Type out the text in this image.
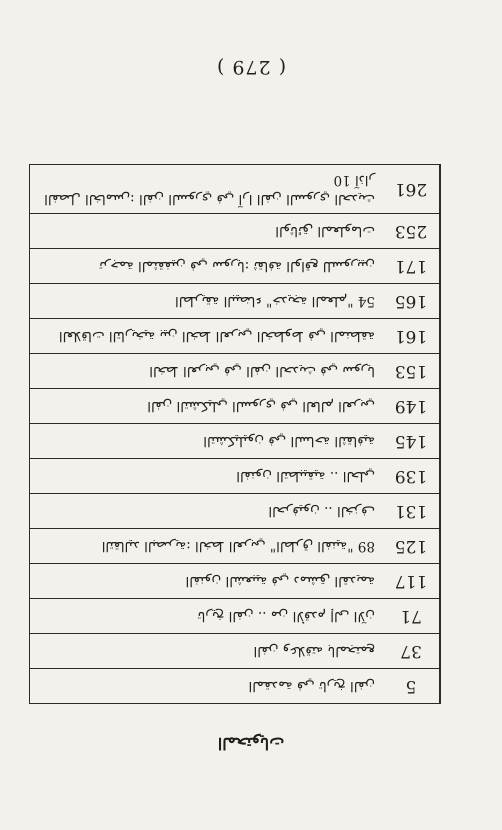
( 279 )
الفصل الخامس: الفن السوري في آرا الفن السوري الحديث
10 آذار	261
الوثائق المعلومات	253
ترجمة المثقفين في سوريا: ثقافة الواقع للسوريين	171
الطريقة البيضاء "خديجة المعلم" 54	165
العلاقات التاريخية بين الخط العربي الخطوط في المنطقة	161
الخط العربي في الفن الحديث في سوريا	153
الفن التشكيلي السوري في العالم العربي	149
التشكيليون في الساحة الثقافية	145
الفنون التطبيقية .. الحلي	139
الحرفيون .. الخزف	131
التقاليد البصرية: الخط العربي "الطرق الفنية" 89	125
الفنون الشعبية في دمشق القديمة	117
تاريخ الفن .. من الأقدم إلى الآن	71
الفن وعلاقته بالمجتمع	37
المقدمة في تاريخ الفن	5
المحتويات
